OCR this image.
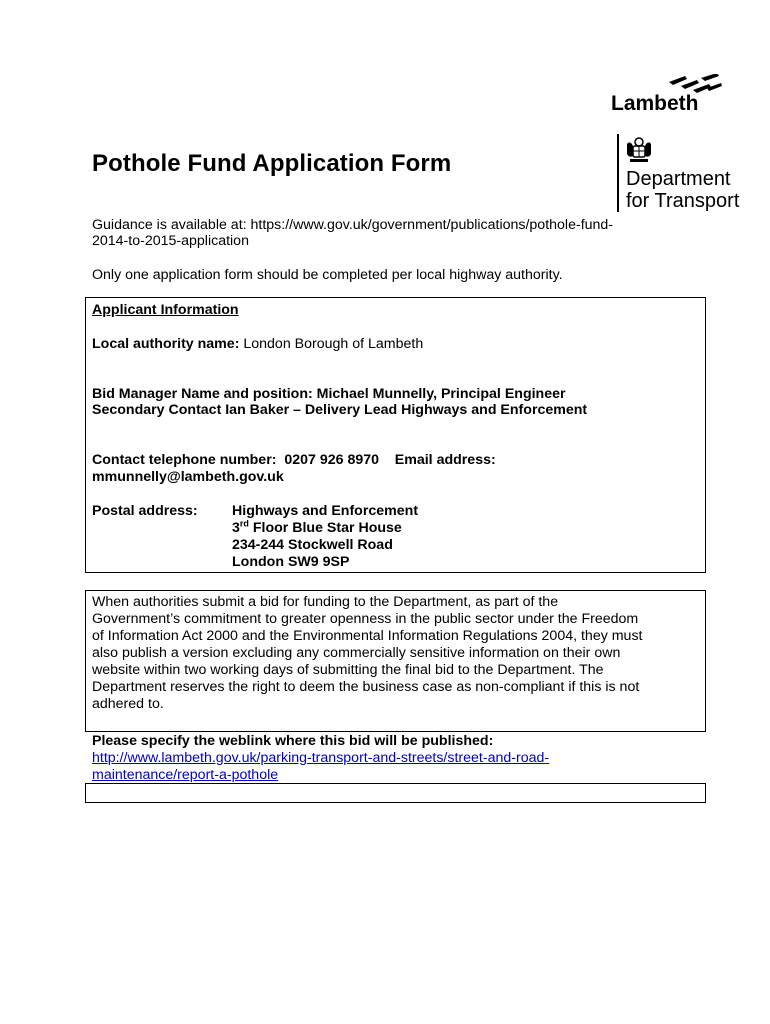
Lambeth
Department
for Transport
Pothole Fund Application Form
Guidance is available at: https://www.gov.uk/government/publications/pothole-fund-
2014-to-2015-application
Only one application form should be completed per local highway authority.
Applicant Information
Local authority name: London Borough of Lambeth
Bid Manager Name and position: Michael Munnelly, Principal Engineer
Secondary Contact Ian Baker – Delivery Lead Highways and Enforcement
Contact telephone number:  0207 926 8970    Email address:
mmunnelly@lambeth.gov.uk
Postal address: Highways and Enforcement
3rd Floor Blue Star House
234-244 Stockwell Road
London SW9 9SP
When authorities submit a bid for funding to the Department, as part of the
Government’s commitment to greater openness in the public sector under the Freedom
of Information Act 2000 and the Environmental Information Regulations 2004, they must
also publish a version excluding any commercially sensitive information on their own
website within two working days of submitting the final bid to the Department. The
Department reserves the right to deem the business case as non-compliant if this is not
adhered to.
Please specify the weblink where this bid will be published:
http://www.lambeth.gov.uk/parking-transport-and-streets/street-and-road-
maintenance/report-a-pothole
